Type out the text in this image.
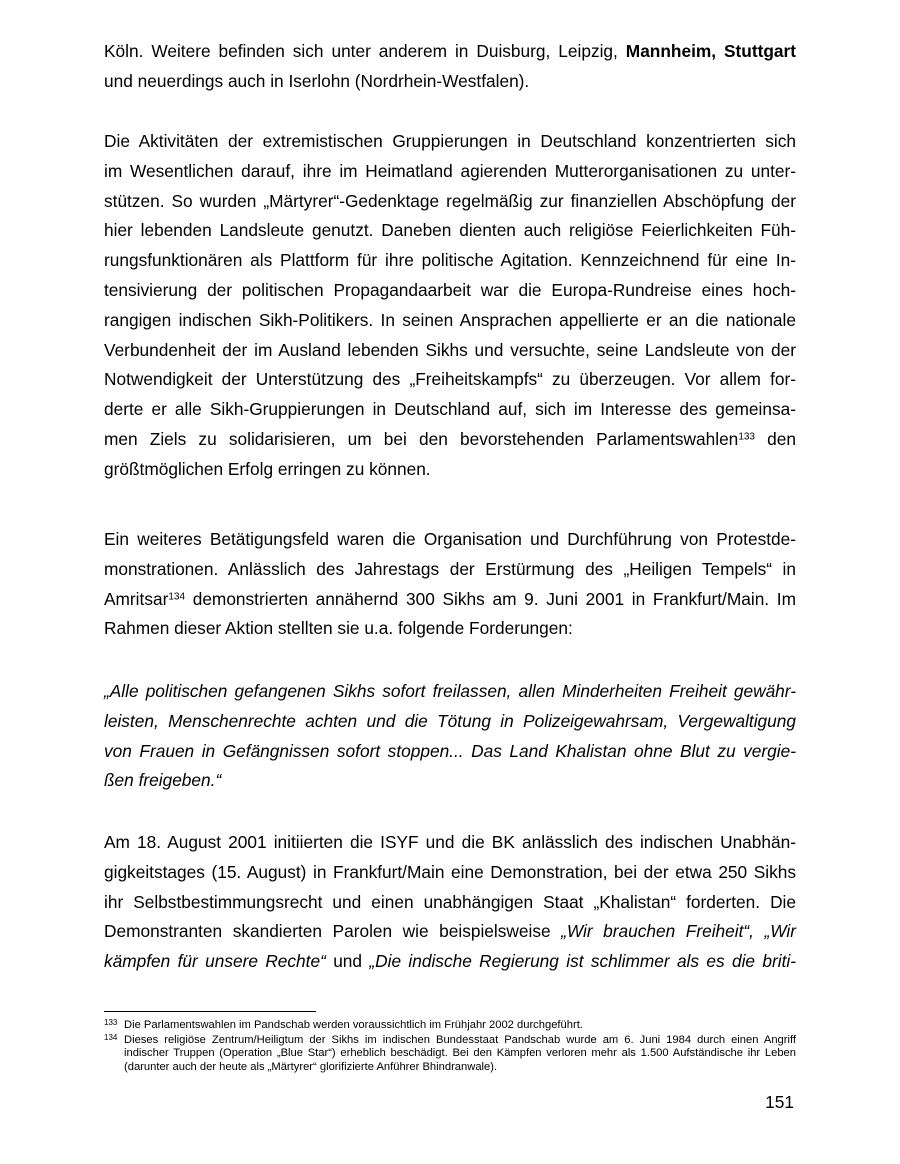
Köln. Weitere befinden sich unter anderem in Duisburg, Leipzig, Mannheim, Stuttgart
und neuerdings auch in Iserlohn (Nordrhein-Westfalen).
Die Aktivitäten der extremistischen Gruppierungen in Deutschland konzentrierten sich
im Wesentlichen darauf, ihre im Heimatland agierenden Mutterorganisationen zu unter-
stützen. So wurden „Märtyrer“-Gedenktage regelmäßig zur finanziellen Abschöpfung der
hier lebenden Landsleute genutzt. Daneben dienten auch religiöse Feierlichkeiten Füh-
rungsfunktionären als Plattform für ihre politische Agitation. Kennzeichnend für eine In-
tensivierung der politischen Propagandaarbeit war die Europa-Rundreise eines hoch-
rangigen indischen Sikh-Politikers. In seinen Ansprachen appellierte er an die nationale
Verbundenheit der im Ausland lebenden Sikhs und versuchte, seine Landsleute von der
Notwendigkeit der Unterstützung des „Freiheitskampfs“ zu überzeugen. Vor allem for-
derte er alle Sikh-Gruppierungen in Deutschland auf, sich im Interesse des gemeinsa-
men Ziels zu solidarisieren, um bei den bevorstehenden Parlamentswahlen$^{133}$ den
größtmöglichen Erfolg erringen zu können.
Ein weiteres Betätigungsfeld waren die Organisation und Durchführung von Protestde-
monstrationen. Anlässlich des Jahrestags der Erstürmung des „Heiligen Tempels“ in
Amritsar$^{134}$ demonstrierten annähernd 300 Sikhs am 9. Juni 2001 in Frankfurt/Main. Im
Rahmen dieser Aktion stellten sie u.a. folgende Forderungen:
„Alle politischen gefangenen Sikhs sofort freilassen, allen Minderheiten Freiheit gewähr-
leisten, Menschenrechte achten und die Tötung in Polizeigewahrsam, Vergewaltigung
von Frauen in Gefängnissen sofort stoppen... Das Land Khalistan ohne Blut zu vergie-
ßen freigeben.“
Am 18. August 2001 initiierten die ISYF und die BK anlässlich des indischen Unabhän-
gigkeitstages (15. August) in Frankfurt/Main eine Demonstration, bei der etwa 250 Sikhs
ihr Selbstbestimmungsrecht und einen unabhängigen Staat „Khalistan“ forderten. Die
Demonstranten skandierten Parolen wie beispielsweise „Wir brauchen Freiheit“, „Wir
kämpfen für unsere Rechte“ und „Die indische Regierung ist schlimmer als es die briti-
133 Die Parlamentswahlen im Pandschab werden voraussichtlich im Frühjahr 2002 durchgeführt.
134 Dieses religiöse Zentrum/Heiligtum der Sikhs im indischen Bundesstaat Pandschab wurde am 6. Juni 1984 durch einen Angriff indischer Truppen (Operation „Blue Star“) erheblich beschädigt. Bei den Kämpfen verloren mehr als 1.500 Aufständische ihr Leben (darunter auch der heute als „Märtyrer“ glorifizierte Anführer Bhindranwale).
151
